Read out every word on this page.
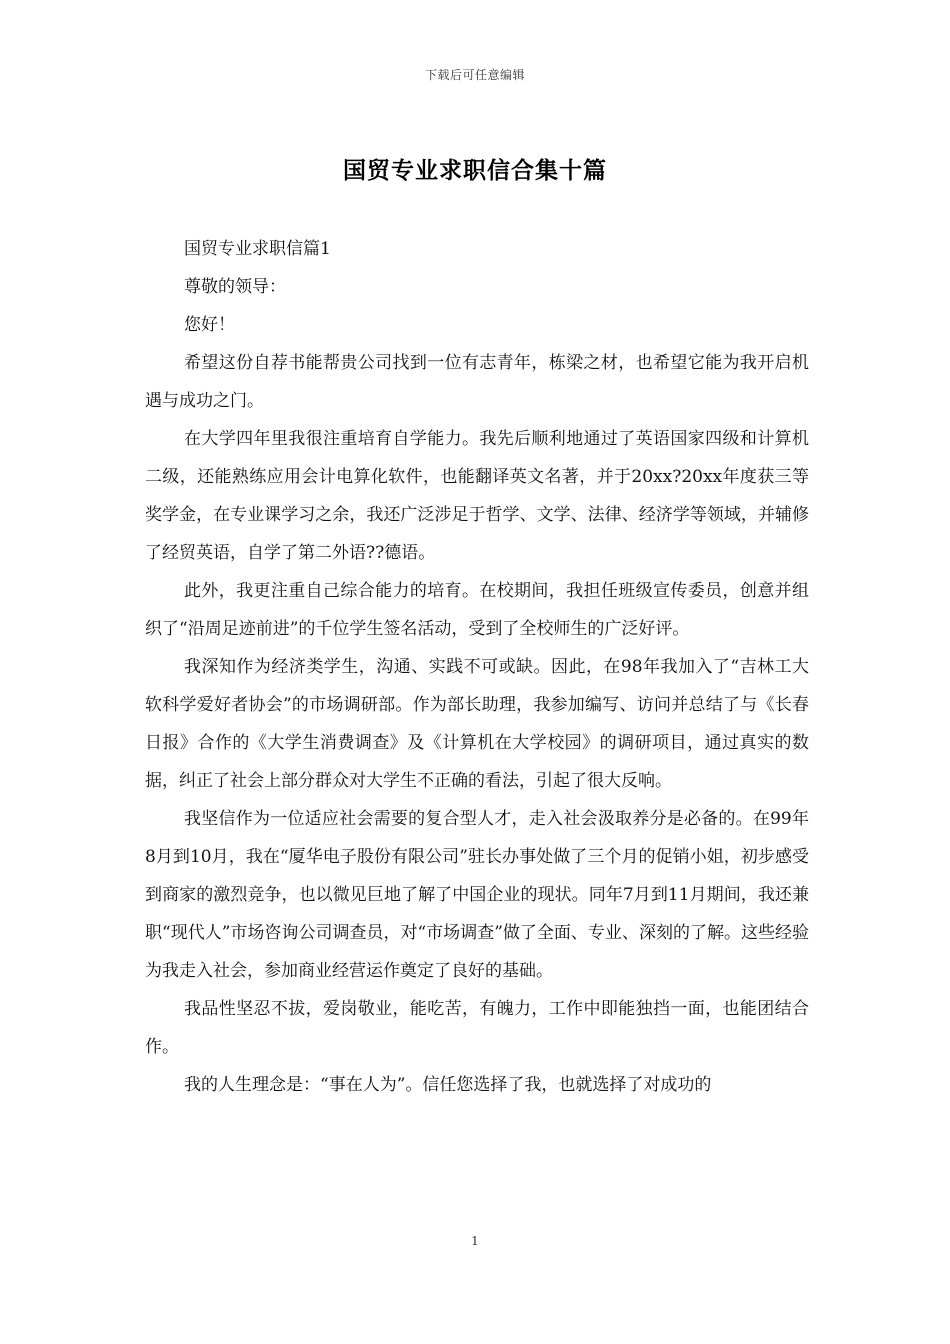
下载后可任意编辑
国贸专业求职信合集十篇

国贸专业求职信篇1

尊敬的领导：

您好！

希望这份自荐书能帮贵公司找到一位有志青年，栋梁之材，也希望它能为我开启机遇与成功之门。

在大学四年里我很注重培育自学能力。我先后顺利地通过了英语国家四级和计算机二级，还能熟练应用会计电算化软件，也能翻译英文名著，并于20xx?20xx年度获三等奖学金，在专业课学习之余，我还广泛涉足于哲学、文学、法律、经济学等领域，并辅修了经贸英语，自学了第二外语??德语。

此外，我更注重自己综合能力的培育。在校期间，我担任班级宣传委员，创意并组织了“沿周足迹前进”的千位学生签名活动，受到了全校师生的广泛好评。

我深知作为经济类学生，沟通、实践不可或缺。因此，在98年我加入了“吉林工大软科学爱好者协会”的市场调研部。作为部长助理，我参加编写、访问并总结了与《长春日报》合作的《大学生消费调查》及《计算机在大学校园》的调研项目，通过真实的数据，纠正了社会上部分群众对大学生不正确的看法，引起了很大反响。

我坚信作为一位适应社会需要的复合型人才，走入社会汲取养分是必备的。在99年8月到10月，我在“厦华电子股份有限公司”驻长办事处做了三个月的促销小姐，初步感受到商家的激烈竞争，也以微见巨地了解了中国企业的现状。同年7月到11月期间，我还兼职“现代人”市场咨询公司调查员，对“市场调查”做了全面、专业、深刻的了解。这些经验为我走入社会，参加商业经营运作奠定了良好的基础。

我品性坚忍不拔，爱岗敬业，能吃苦，有魄力，工作中即能独挡一面，也能团结合作。

我的人生理念是：“事在人为”。信任您选择了我，也就选择了对成功的

1
